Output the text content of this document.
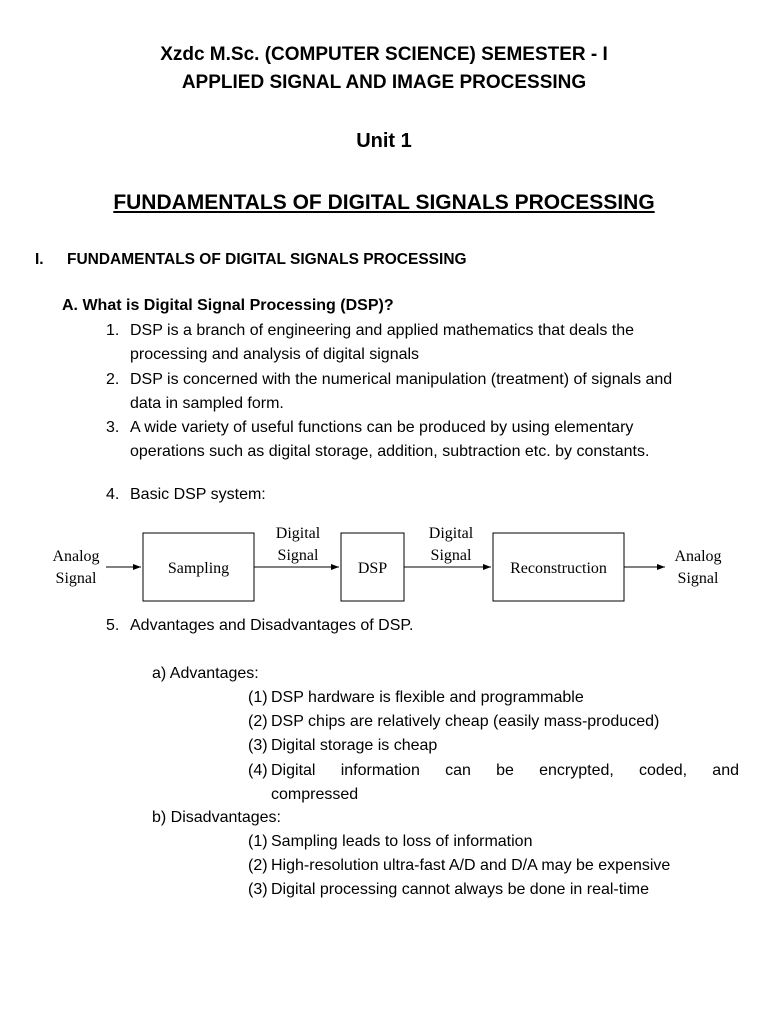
Xzdc M.Sc. (COMPUTER SCIENCE) SEMESTER - I
APPLIED SIGNAL AND IMAGE PROCESSING
Unit 1
FUNDAMENTALS OF DIGITAL SIGNALS PROCESSING
I. FUNDAMENTALS OF DIGITAL SIGNALS PROCESSING
A. What is Digital Signal Processing (DSP)?
1. DSP is a branch of engineering and applied mathematics that deals the
processing and analysis of digital signals
2. DSP is concerned with the numerical manipulation (treatment) of signals and
data in sampled form.
3. A wide variety of useful functions can be produced by using elementary
operations such as digital storage, addition, subtraction etc. by constants.
4. Basic DSP system:
Analog
Signal
Sampling
Digital
Signal
DSP
Digital
Signal
Reconstruction
Analog
Signal
5. Advantages and Disadvantages of DSP.
a) Advantages:
(1) DSP hardware is flexible and programmable
(2) DSP chips are relatively cheap (easily mass-produced)
(3) Digital storage is cheap
(4) Digital information can be encrypted, coded, and
compressed
b) Disadvantages:
(1) Sampling leads to loss of information
(2) High-resolution ultra-fast A/D and D/A may be expensive
(3) Digital processing cannot always be done in real-time
